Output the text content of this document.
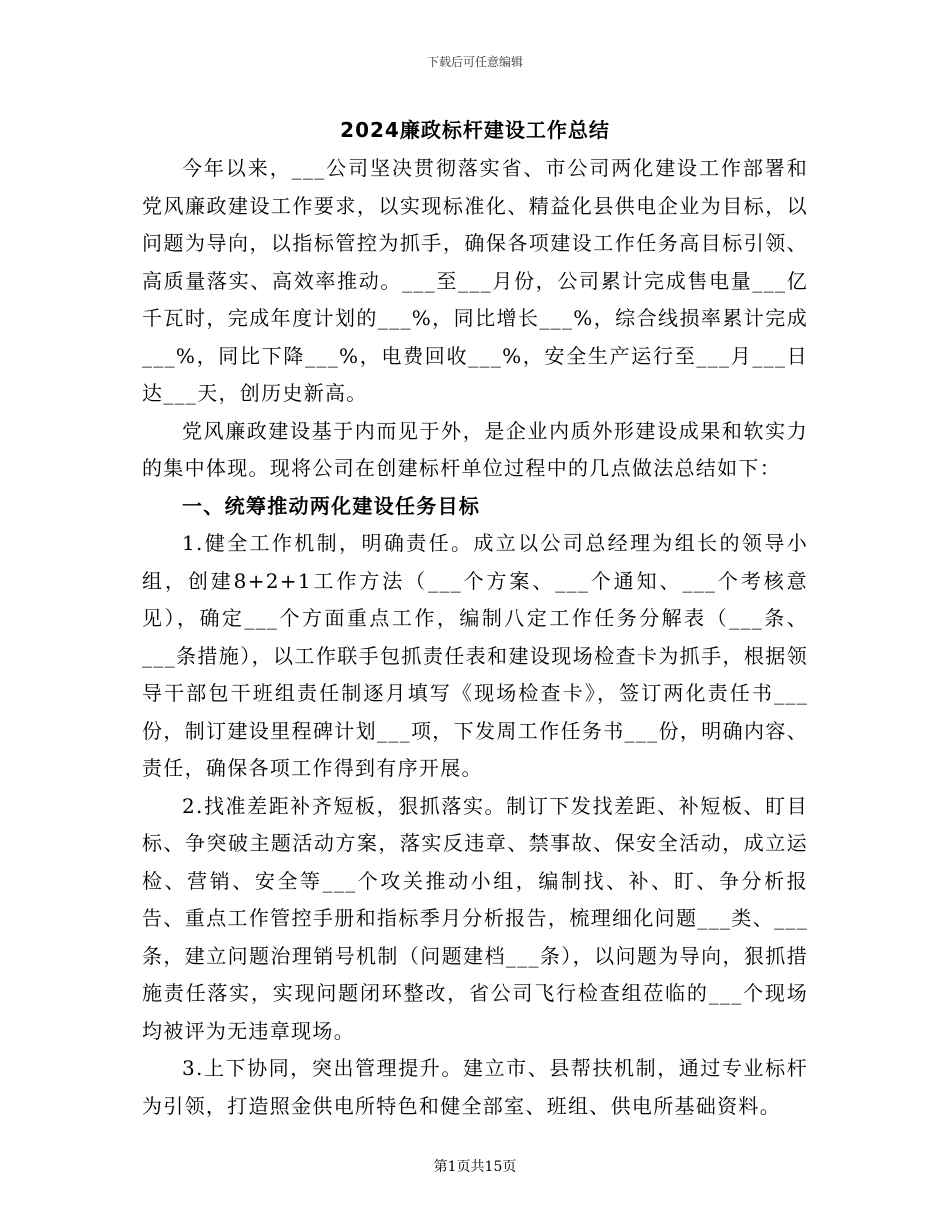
下载后可任意编辑
2024廉政标杆建设工作总结

今年以来，___公司坚决贯彻落实省、市公司两化建设工作部署和党风廉政建设工作要求，以实现标准化、精益化县供电企业为目标，以问题为导向，以指标管控为抓手，确保各项建设工作任务高目标引领、高质量落实、高效率推动。___至___月份，公司累计完成售电量___亿千瓦时，完成年度计划的___%，同比增长___%，综合线损率累计完成___%，同比下降___%，电费回收___%，安全生产运行至___月___日达___天，创历史新高。

党风廉政建设基于内而见于外，是企业内质外形建设成果和软实力的集中体现。现将公司在创建标杆单位过程中的几点做法总结如下：

一、统筹推动两化建设任务目标

1.健全工作机制，明确责任。成立以公司总经理为组长的领导小组，创建8+2+1工作方法（___个方案、___个通知、___个考核意见），确定___个方面重点工作，编制八定工作任务分解表（___条、___条措施），以工作联手包抓责任表和建设现场检查卡为抓手，根据领导干部包干班组责任制逐月填写《现场检查卡》，签订两化责任书___份，制订建设里程碑计划___项，下发周工作任务书___份，明确内容、责任，确保各项工作得到有序开展。

2.找准差距补齐短板，狠抓落实。制订下发找差距、补短板、盯目标、争突破主题活动方案，落实反违章、禁事故、保安全活动，成立运检、营销、安全等___个攻关推动小组，编制找、补、盯、争分析报告、重点工作管控手册和指标季月分析报告，梳理细化问题___类、___条，建立问题治理销号机制（问题建档___条），以问题为导向，狠抓措施责任落实，实现问题闭环整改，省公司飞行检查组莅临的___个现场均被评为无违章现场。

3.上下协同，突出管理提升。建立市、县帮扶机制，通过专业标杆为引领，打造照金供电所特色和健全部室、班组、供电所基础资料。

第1页共15页
